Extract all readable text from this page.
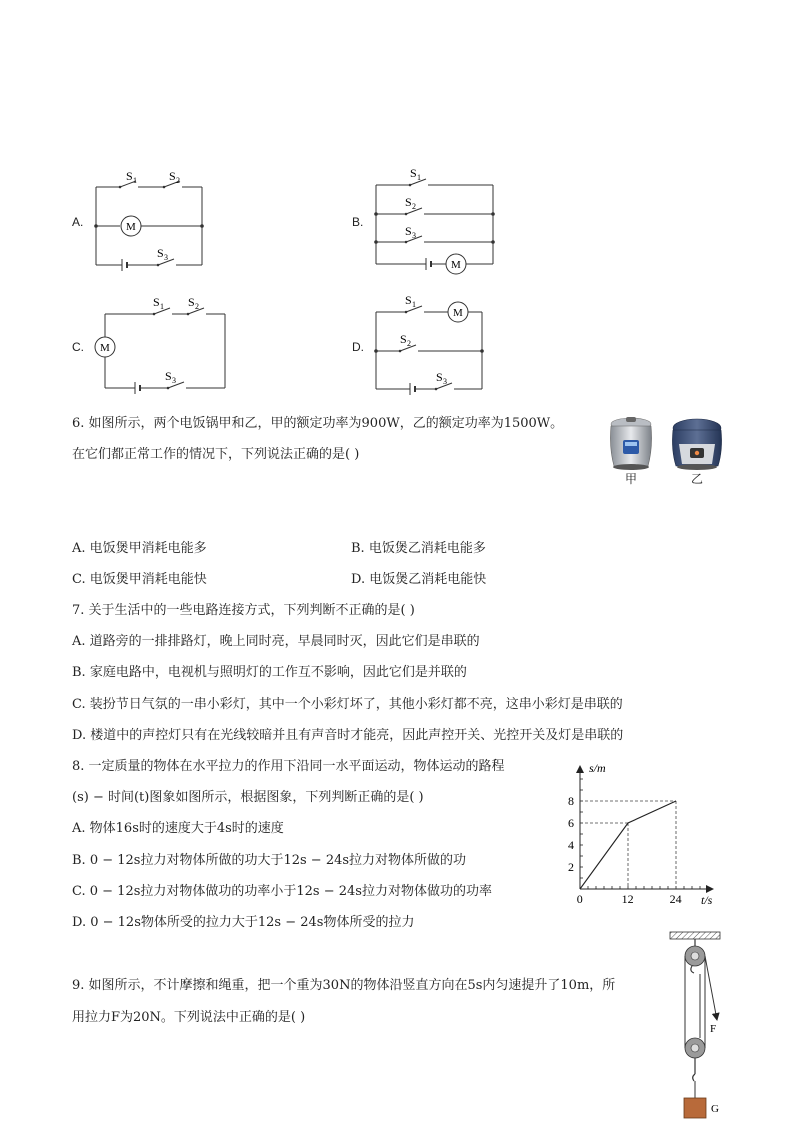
A.
S 1	S 2
S 3
M	B.
S 1
S 2
S 3
M
C.
S 1 S 2
S 3
M	D.
S 1
S 2
S 3
M
6. 如图所示，两个电饭锅甲和乙，甲的额定功率为900W，乙的额定功率为1500W。
在它们都正常工作的情况下，下列说法正确的是( )
甲	乙
A. 电饭煲甲消耗电能多	B. 电饭煲乙消耗电能多
C. 电饭煲甲消耗电能快	D. 电饭煲乙消耗电能快
7. 关于生活中的一些电路连接方式，下列判断不正确的是( )
A. 道路旁的一排排路灯，晚上同时亮，早晨同时灭，因此它们是串联的
B. 家庭电路中，电视机与照明灯的工作互不影响，因此它们是并联的
C. 装扮节日气氛的一串小彩灯，其中一个小彩灯坏了，其他小彩灯都不亮，这串小彩灯是串联的
D. 楼道中的声控灯只有在光线较暗并且有声音时才能亮，因此声控开关、光控开关及灯是串联的
8. 一定质量的物体在水平拉力的作用下沿同一水平面运动，物体运动的路程
(s) − 时间(t)图象如图所示，根据图象，下列判断正确的是( )
A. 物体16s时的速度大于4s时的速度
B. 0 − 12s拉力对物体所做的功大于12s − 24s拉力对物体所做的功
C. 0 − 12s拉力对物体做功的功率小于12s − 24s拉力对物体做功的功率
D. 0 − 12s物体所受的拉力大于12s − 24s物体所受的拉力
0	12	24
2
4
6
8
s/m
t/s
9. 如图所示，不计摩擦和绳重，把一个重为30N的物体沿竖直方向在5s内匀速提升了10m，所
用拉力F为20N。下列说法中正确的是( )
F
G
